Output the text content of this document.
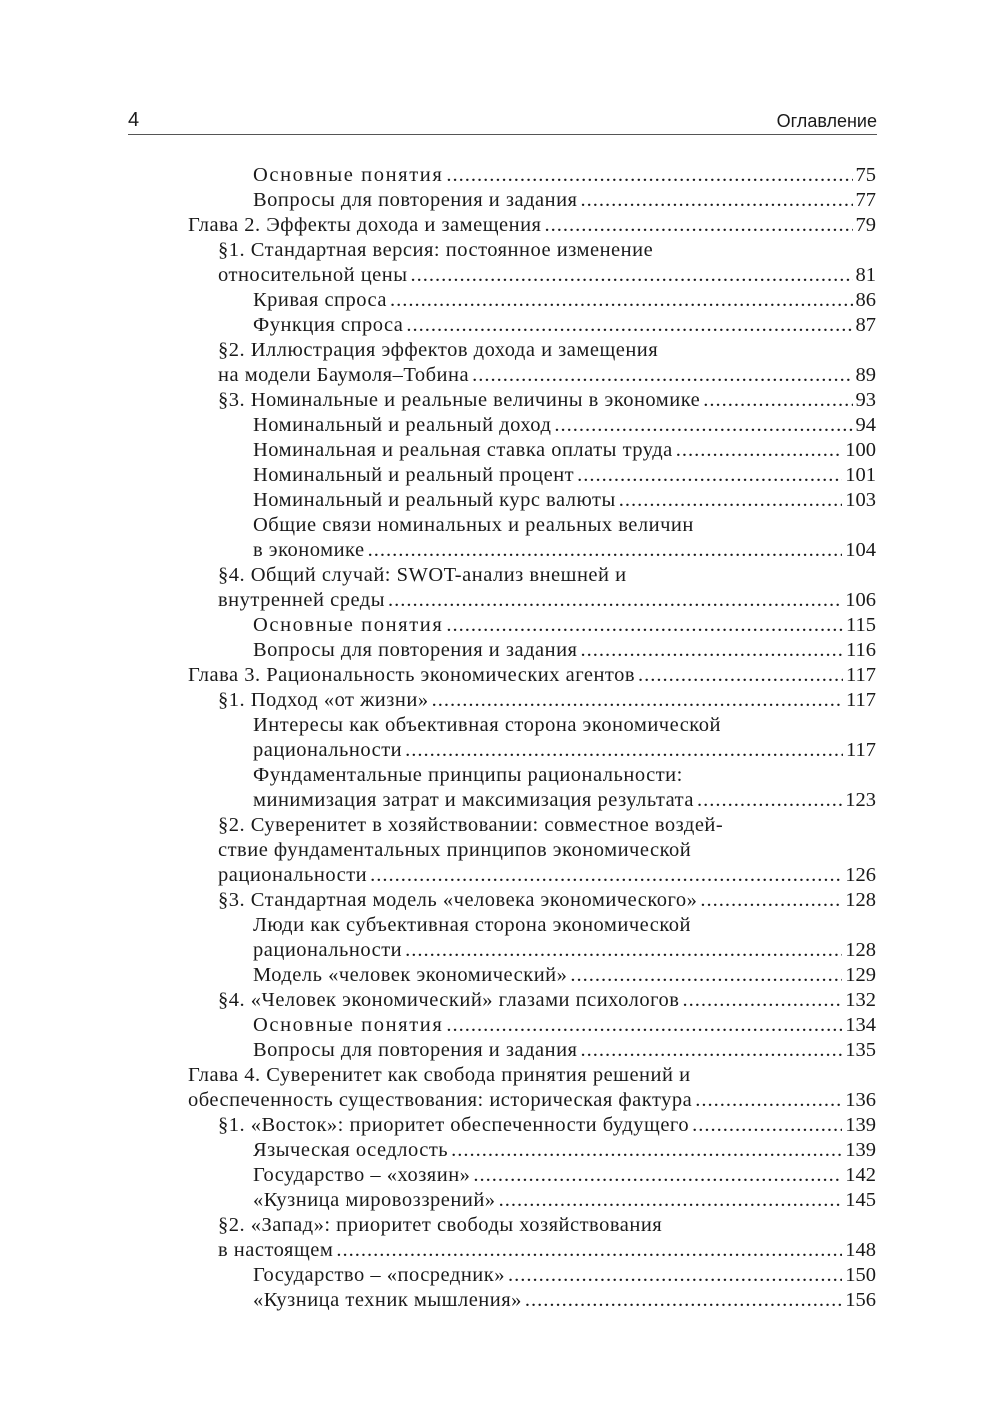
4	Оглавление
Основные понятия .....	75
Вопросы для повторения и задания .....	77
Глава 2. Эффекты дохода и замещения .....	79
§1. Стандартная версия: постоянное изменение
относительной цены .....	81
Кривая спроса .....	86
Функция спроса .....	87
§2. Иллюстрация эффектов дохода и замещения
на модели Баумоля–Тобина .....	89
§3. Номинальные и реальные величины в экономике .....	93
Номинальный и реальный доход .....	94
Номинальная и реальная ставка оплаты труда .....	100
Номинальный и реальный процент .....	101
Номинальный и реальный курс валюты .....	103
Общие связи номинальных и реальных величин
в экономике .....	104
§4. Общий случай: SWOT-анализ внешней и
внутренней среды .....	106
Основные понятия .....	115
Вопросы для повторения и задания .....	116
Глава 3. Рациональность экономических агентов .....	117
§1. Подход «от жизни» .....	117
Интересы как объективная сторона экономической
рациональности .....	117
Фундаментальные принципы рациональности:
минимизация затрат и максимизация результата .....	123
§2. Суверенитет в хозяйствовании: совместное воздей-
ствие фундаментальных принципов экономической
рациональности .....	126
§3. Стандартная модель «человека экономического» .....	128
Люди как субъективная сторона экономической
рациональности .....	128
Модель «человек экономический» .....	129
§4. «Человек экономический» глазами психологов .....	132
Основные понятия .....	134
Вопросы для повторения и задания .....	135
Глава 4. Суверенитет как свобода принятия решений и
обеспеченность существования: историческая фактура .....	136
§1. «Восток»: приоритет обеспеченности будущего .....	139
Языческая оседлость .....	139
Государство – «хозяин» .....	142
«Кузница мировоззрений» .....	145
§2. «Запад»: приоритет свободы хозяйствования
в настоящем .....	148
Государство – «посредник» .....	150
«Кузница техник мышления» .....	156
